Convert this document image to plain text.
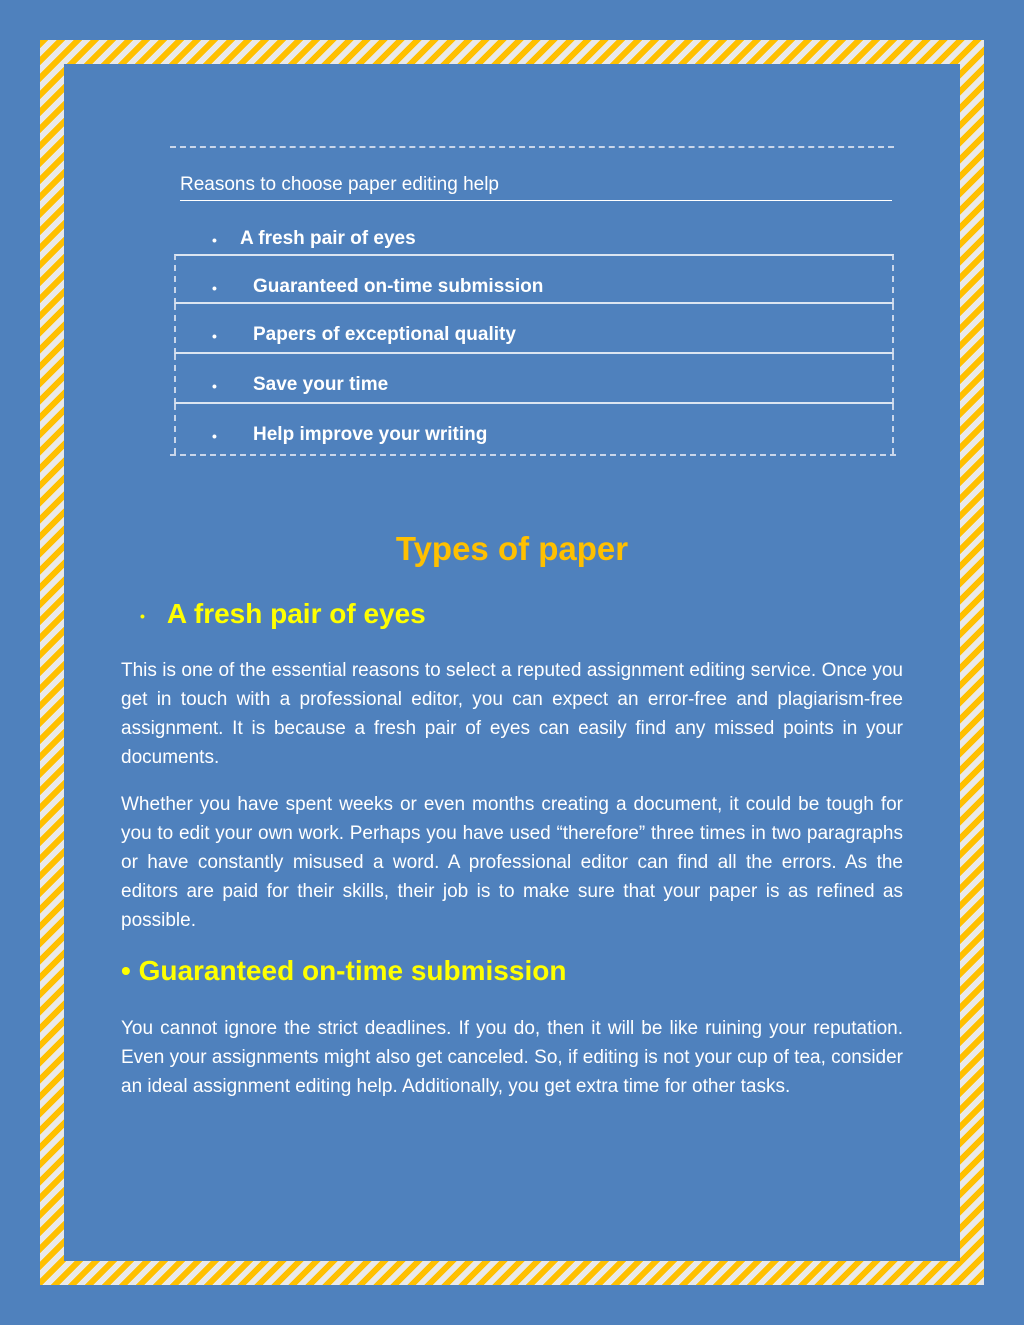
Reasons to choose paper editing help
• A fresh pair of eyes
• Guaranteed on-time submission
• Papers of exceptional quality
• Save your time
• Help improve your writing
Types of paper
• A fresh pair of eyes

This is one of the essential reasons to select a reputed assignment editing service. Once you get in touch with a professional editor, you can expect an error-free and plagiarism-free assignment. It is because a fresh pair of eyes can easily find any missed points in your documents.

Whether you have spent weeks or even months creating a document, it could be tough for you to edit your own work. Perhaps you have used “therefore” three times in two paragraphs or have constantly misused a word. A professional editor can find all the errors. As the editors are paid for their skills, their job is to make sure that your paper is as refined as possible.

• Guaranteed on-time submission

You cannot ignore the strict deadlines. If you do, then it will be like ruining your reputation. Even your assignments might also get canceled. So, if editing is not your cup of tea, consider an ideal assignment editing help. Additionally, you get extra time for other tasks.
